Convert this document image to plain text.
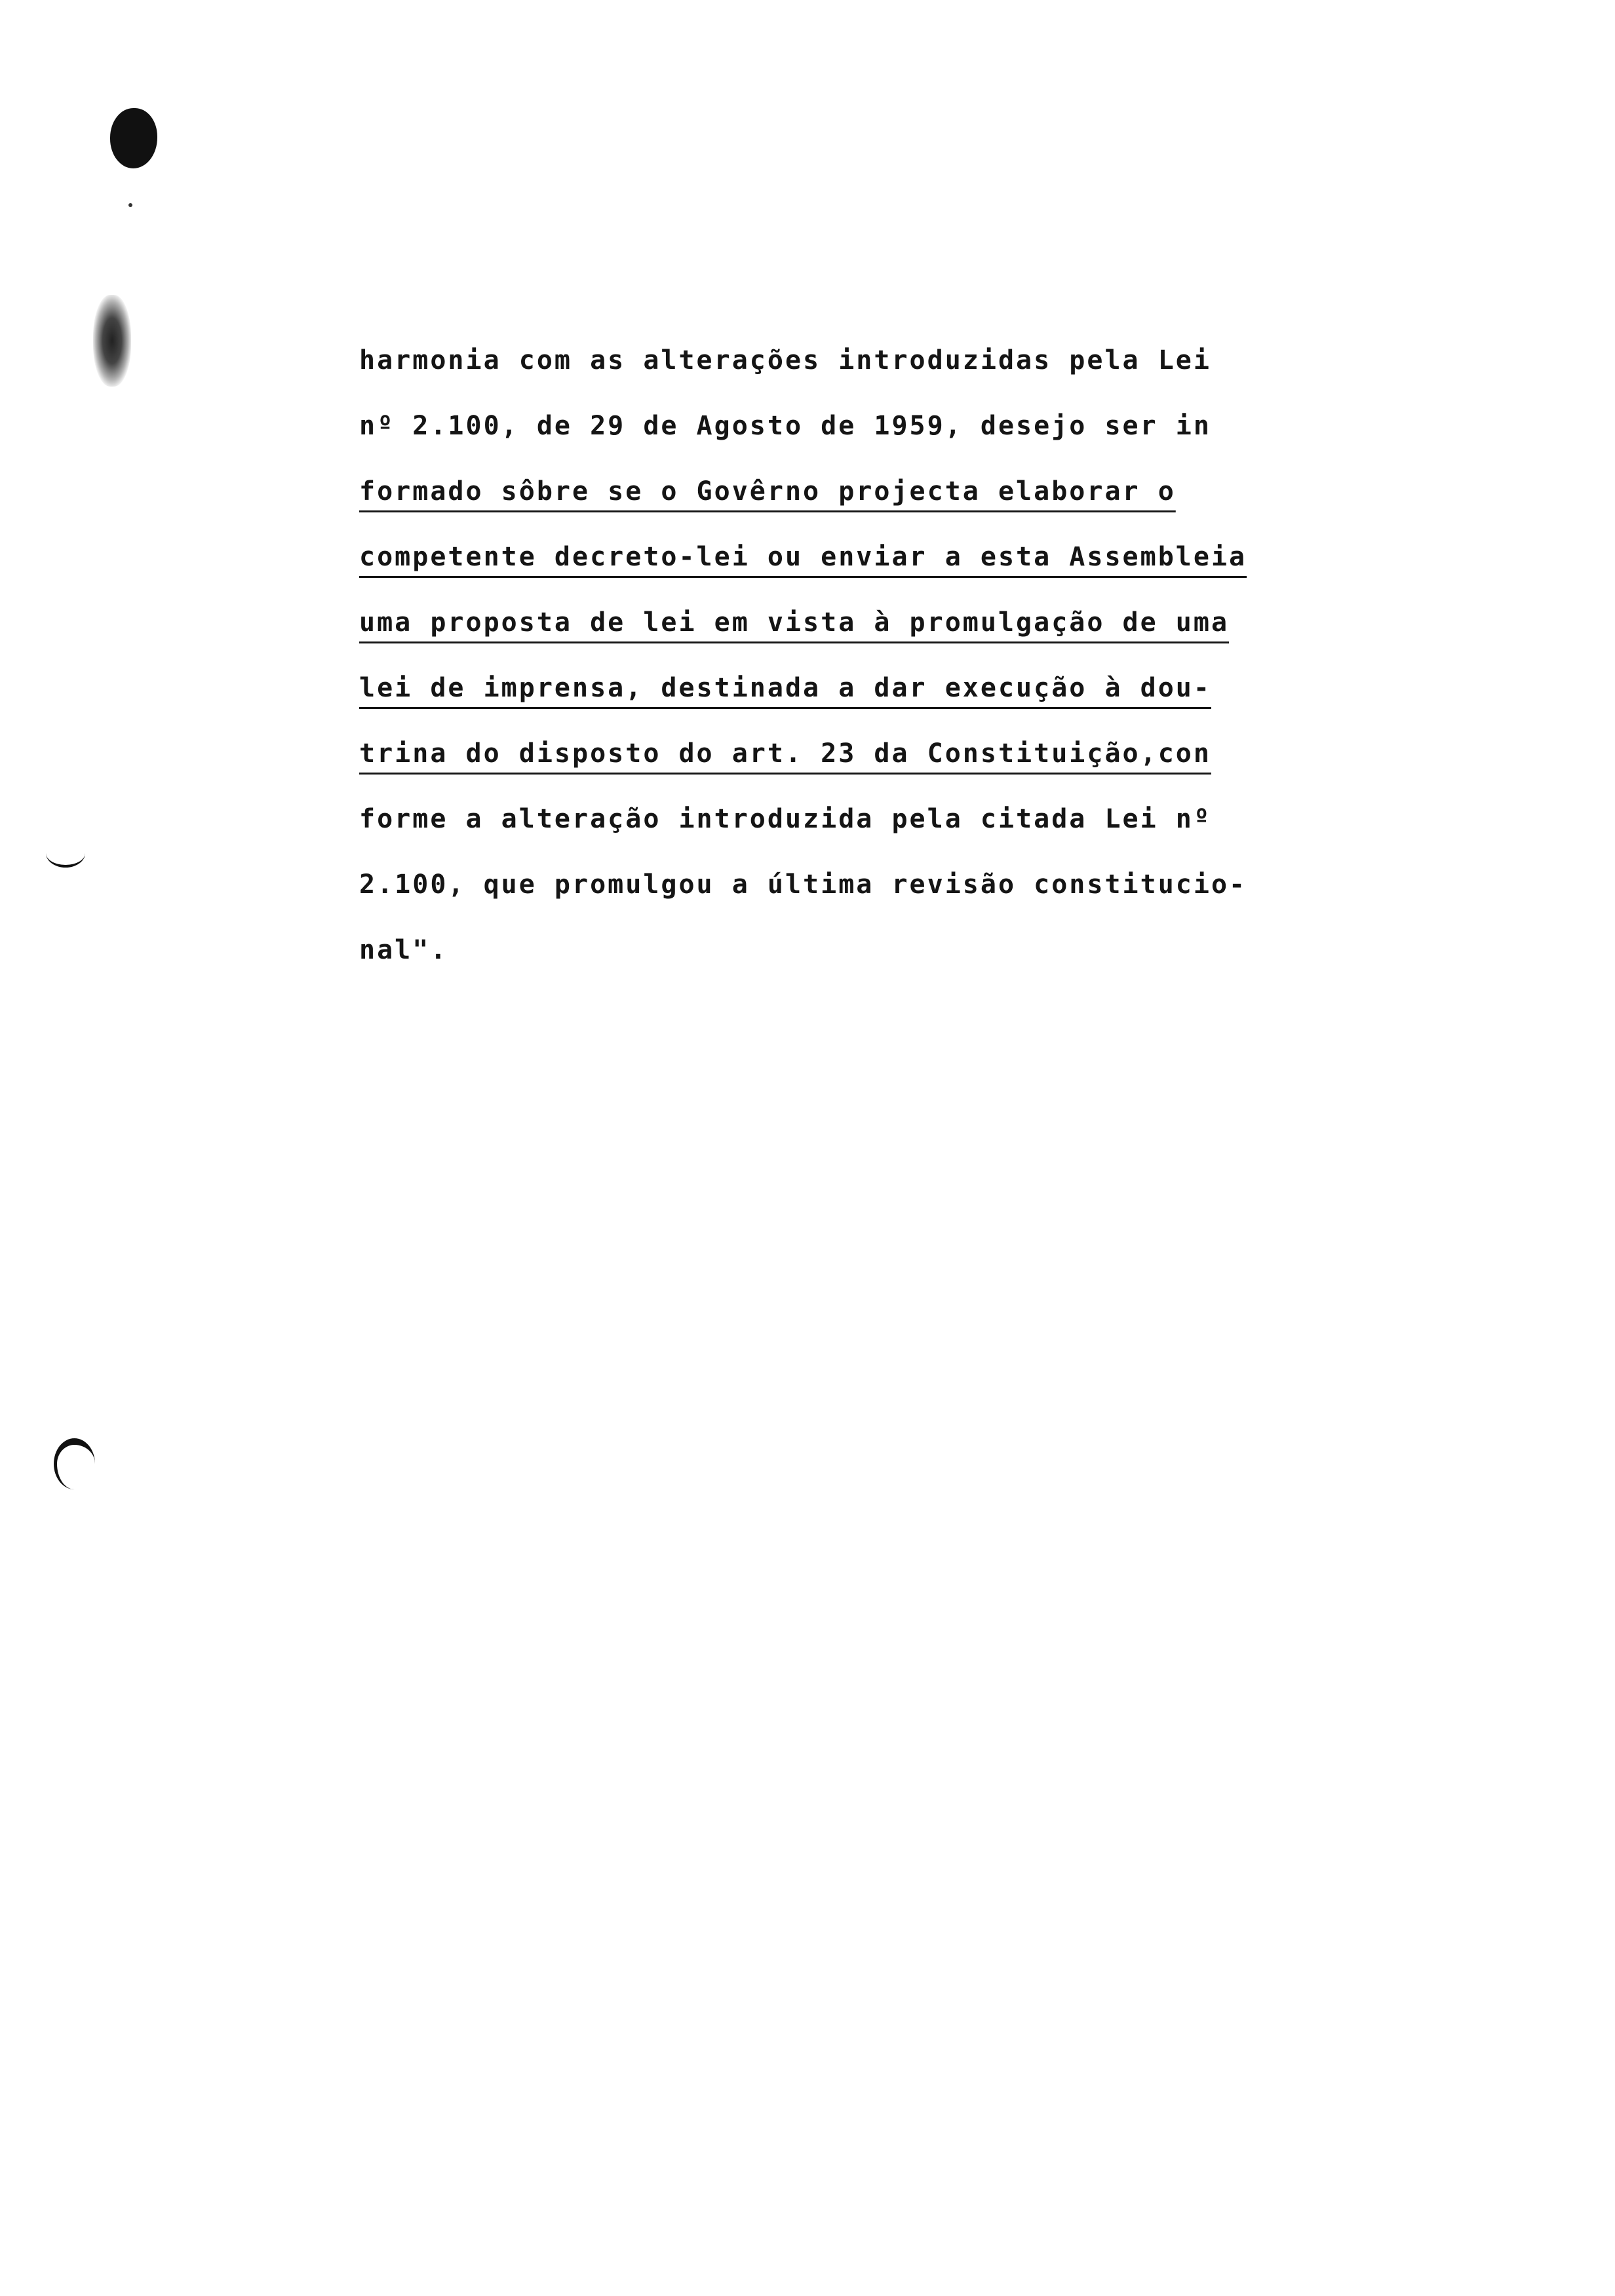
harmonia com as alterações introduzidas pela Lei
nº 2.100, de 29 de Agosto de 1959, desejo ser in
formado sôbre se o Govêrno projecta elaborar o
competente decreto-lei ou enviar a esta Assembleia
uma proposta de lei em vista à promulgação de uma
lei de imprensa, destinada a dar execução à dou-
trina do disposto do art. 23 da Constituição,con
forme a alteração introduzida pela citada Lei nº
2.100, que promulgou a última revisão constitucio-
nal".
